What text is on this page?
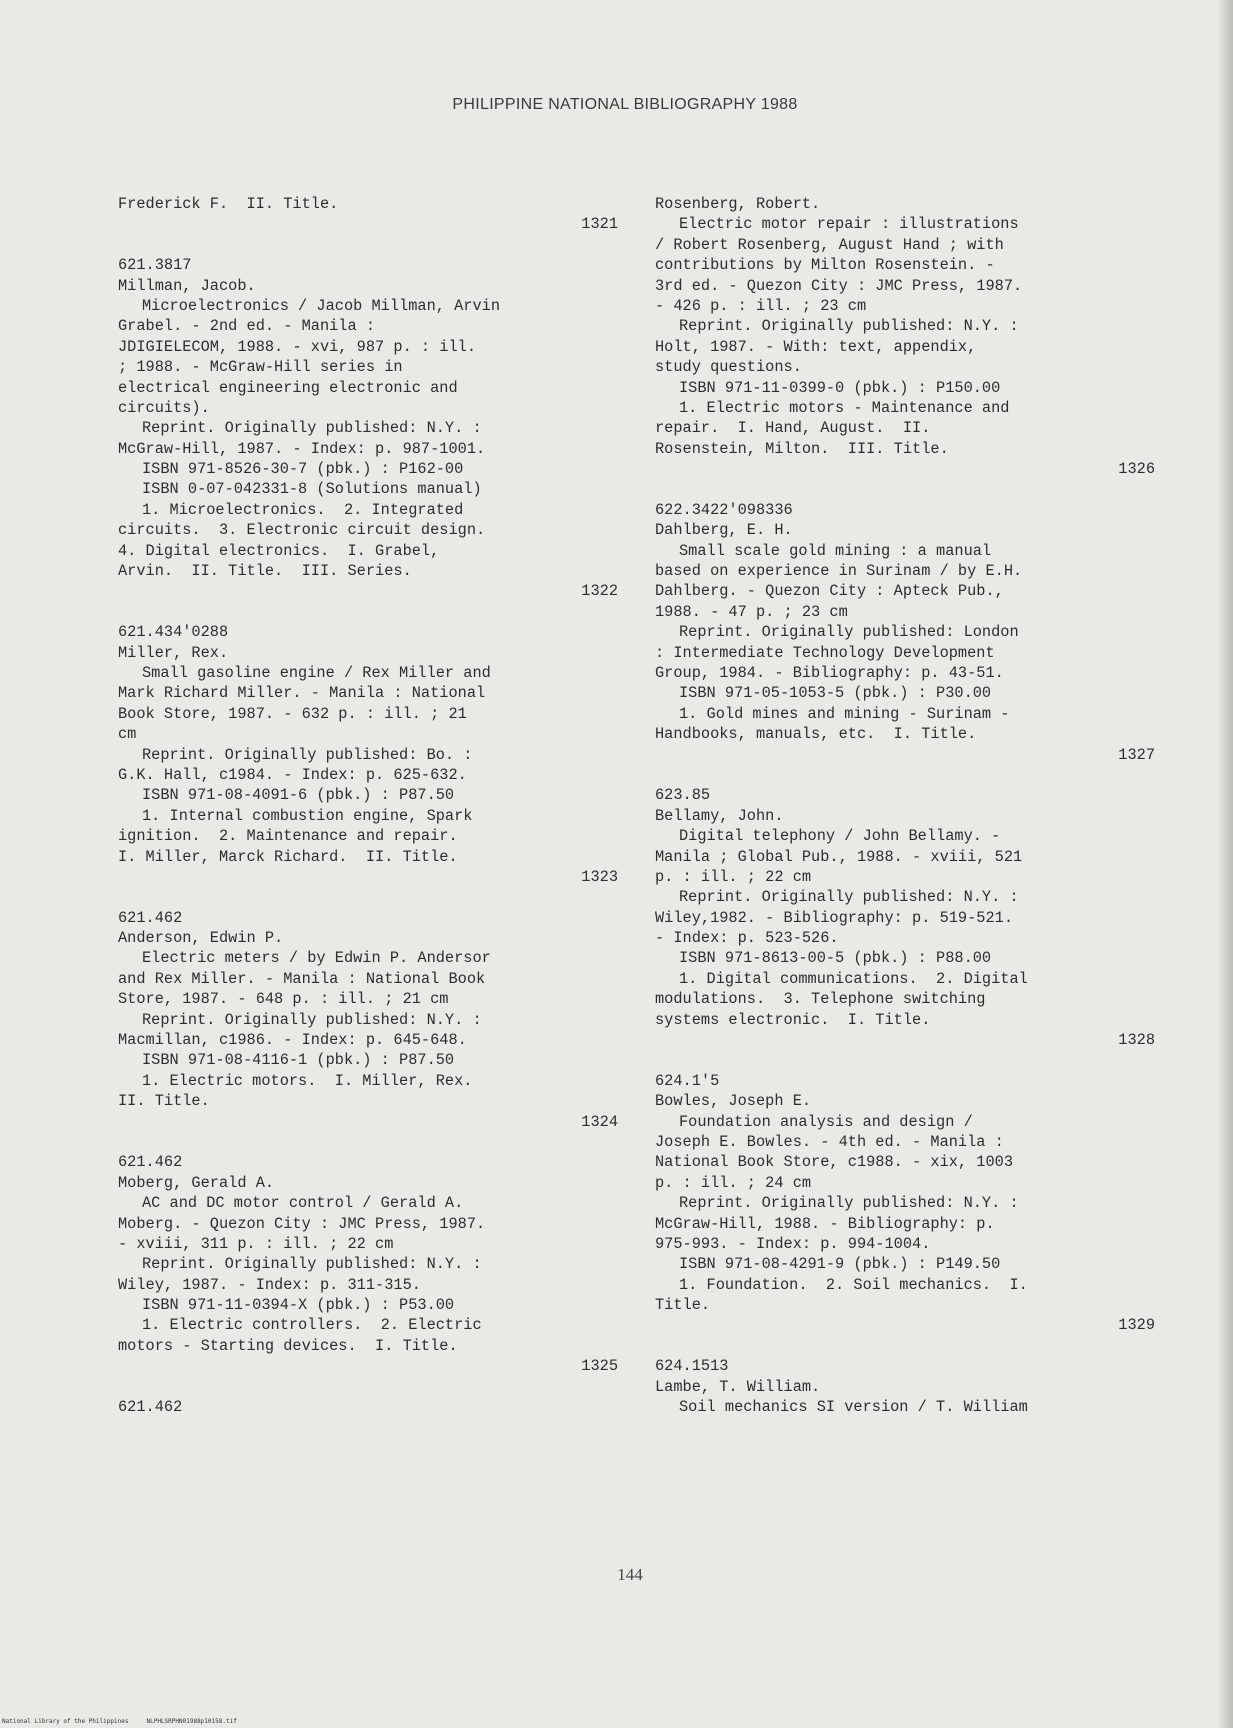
PHILIPPINE NATIONAL BIBLIOGRAPHY 1988
Frederick F.  II. Title.
1321
621.3817
Millman, Jacob.
Microelectronics / Jacob Millman, Arvin
Grabel. - 2nd ed. - Manila :
JDIGIELECOM, 1988. - xvi, 987 p. : ill.
; 1988. - McGraw-Hill series in
electrical engineering electronic and
circuits).
Reprint. Originally published: N.Y. :
McGraw-Hill, 1987. - Index: p. 987-1001.
ISBN 971-8526-30-7 (pbk.) : P162-00
ISBN 0-07-042331-8 (Solutions manual)
1. Microelectronics.  2. Integrated
circuits.  3. Electronic circuit design.
4. Digital electronics.  I. Grabel,
Arvin.  II. Title.  III. Series.
1322
621.434'0288
Miller, Rex.
Small gasoline engine / Rex Miller and
Mark Richard Miller. - Manila : National
Book Store, 1987. - 632 p. : ill. ; 21
cm
Reprint. Originally published: Bo. :
G.K. Hall, c1984. - Index: p. 625-632.
ISBN 971-08-4091-6 (pbk.) : P87.50
1. Internal combustion engine, Spark
ignition.  2. Maintenance and repair.
I. Miller, Marck Richard.  II. Title.
1323
621.462
Anderson, Edwin P.
Electric meters / by Edwin P. Andersor
and Rex Miller. - Manila : National Book
Store, 1987. - 648 p. : ill. ; 21 cm
Reprint. Originally published: N.Y. :
Macmillan, c1986. - Index: p. 645-648.
ISBN 971-08-4116-1 (pbk.) : P87.50
1. Electric motors.  I. Miller, Rex.
II. Title.
1324
621.462
Moberg, Gerald A.
AC and DC motor control / Gerald A.
Moberg. - Quezon City : JMC Press, 1987.
- xviii, 311 p. : ill. ; 22 cm
Reprint. Originally published: N.Y. :
Wiley, 1987. - Index: p. 311-315.
ISBN 971-11-0394-X (pbk.) : P53.00
1. Electric controllers.  2. Electric
motors - Starting devices.  I. Title.
1325
621.462
Rosenberg, Robert.
Electric motor repair : illustrations
/ Robert Rosenberg, August Hand ; with
contributions by Milton Rosenstein. -
3rd ed. - Quezon City : JMC Press, 1987.
- 426 p. : ill. ; 23 cm
Reprint. Originally published: N.Y. :
Holt, 1987. - With: text, appendix,
study questions.
ISBN 971-11-0399-0 (pbk.) : P150.00
1. Electric motors - Maintenance and
repair.  I. Hand, August.  II.
Rosenstein, Milton.  III. Title.
1326
622.3422'098336
Dahlberg, E. H.
Small scale gold mining : a manual
based on experience in Surinam / by E.H.
Dahlberg. - Quezon City : Apteck Pub.,
1988. - 47 p. ; 23 cm
Reprint. Originally published: London
: Intermediate Technology Development
Group, 1984. - Bibliography: p. 43-51.
ISBN 971-05-1053-5 (pbk.) : P30.00
1. Gold mines and mining - Surinam -
Handbooks, manuals, etc.  I. Title.
1327
623.85
Bellamy, John.
Digital telephony / John Bellamy. -
Manila ; Global Pub., 1988. - xviii, 521
p. : ill. ; 22 cm
Reprint. Originally published: N.Y. :
Wiley,1982. - Bibliography: p. 519-521.
- Index: p. 523-526.
ISBN 971-8613-00-5 (pbk.) : P88.00
1. Digital communications.  2. Digital
modulations.  3. Telephone switching
systems electronic.  I. Title.
1328
624.1'5
Bowles, Joseph E.
Foundation analysis and design /
Joseph E. Bowles. - 4th ed. - Manila :
National Book Store, c1988. - xix, 1003
p. : ill. ; 24 cm
Reprint. Originally published: N.Y. :
McGraw-Hill, 1988. - Bibliography: p.
975-993. - Index: p. 994-1004.
ISBN 971-08-4291-9 (pbk.) : P149.50
1. Foundation.  2. Soil mechanics.  I.
Title.
1329
624.1513
Lambe, T. William.
Soil mechanics SI version / T. William
144
National Library of the Philippines     NLPHLSRPHN01988p10158.tif
